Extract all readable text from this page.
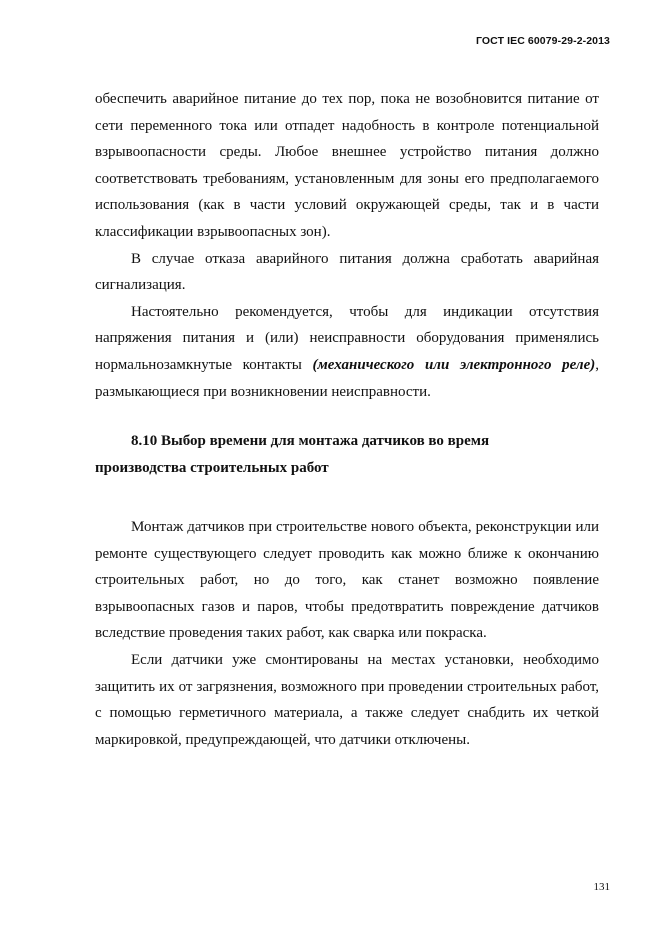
ГОСТ IEC 60079-29-2-2013

обеспечить аварийное питание до тех пор, пока не возобновится питание от сети переменного тока или отпадет надобность в контроле потенциальной взрывоопасности среды. Любое внешнее устройство питания должно соответствовать требованиям, установленным для зоны его предполагаемого использования (как в части условий окружающей среды, так и в части классификации взрывоопасных зон).

В случае отказа аварийного питания должна сработать аварийная сигнализация.

Настоятельно рекомендуется, чтобы для индикации отсутствия напряжения питания и (или) неисправности оборудования применялись нормальнозамкнутые контакты (механического или электронного реле), размыкающиеся при возникновении неисправности.

8.10 Выбор времени для монтажа датчиков во время
производства строительных работ

Монтаж датчиков при строительстве нового объекта, реконструкции или ремонте существующего следует проводить как можно ближе к окончанию строительных работ, но до того, как станет возможно появление взрывоопасных газов и паров, чтобы предотвратить повреждение датчиков вследствие проведения таких работ, как сварка или покраска.

Если датчики уже смонтированы на местах установки, необходимо защитить их от загрязнения, возможного при проведении строительных работ, с помощью герметичного материала, а также следует снабдить их четкой маркировкой, предупреждающей, что датчики отключены.

131
